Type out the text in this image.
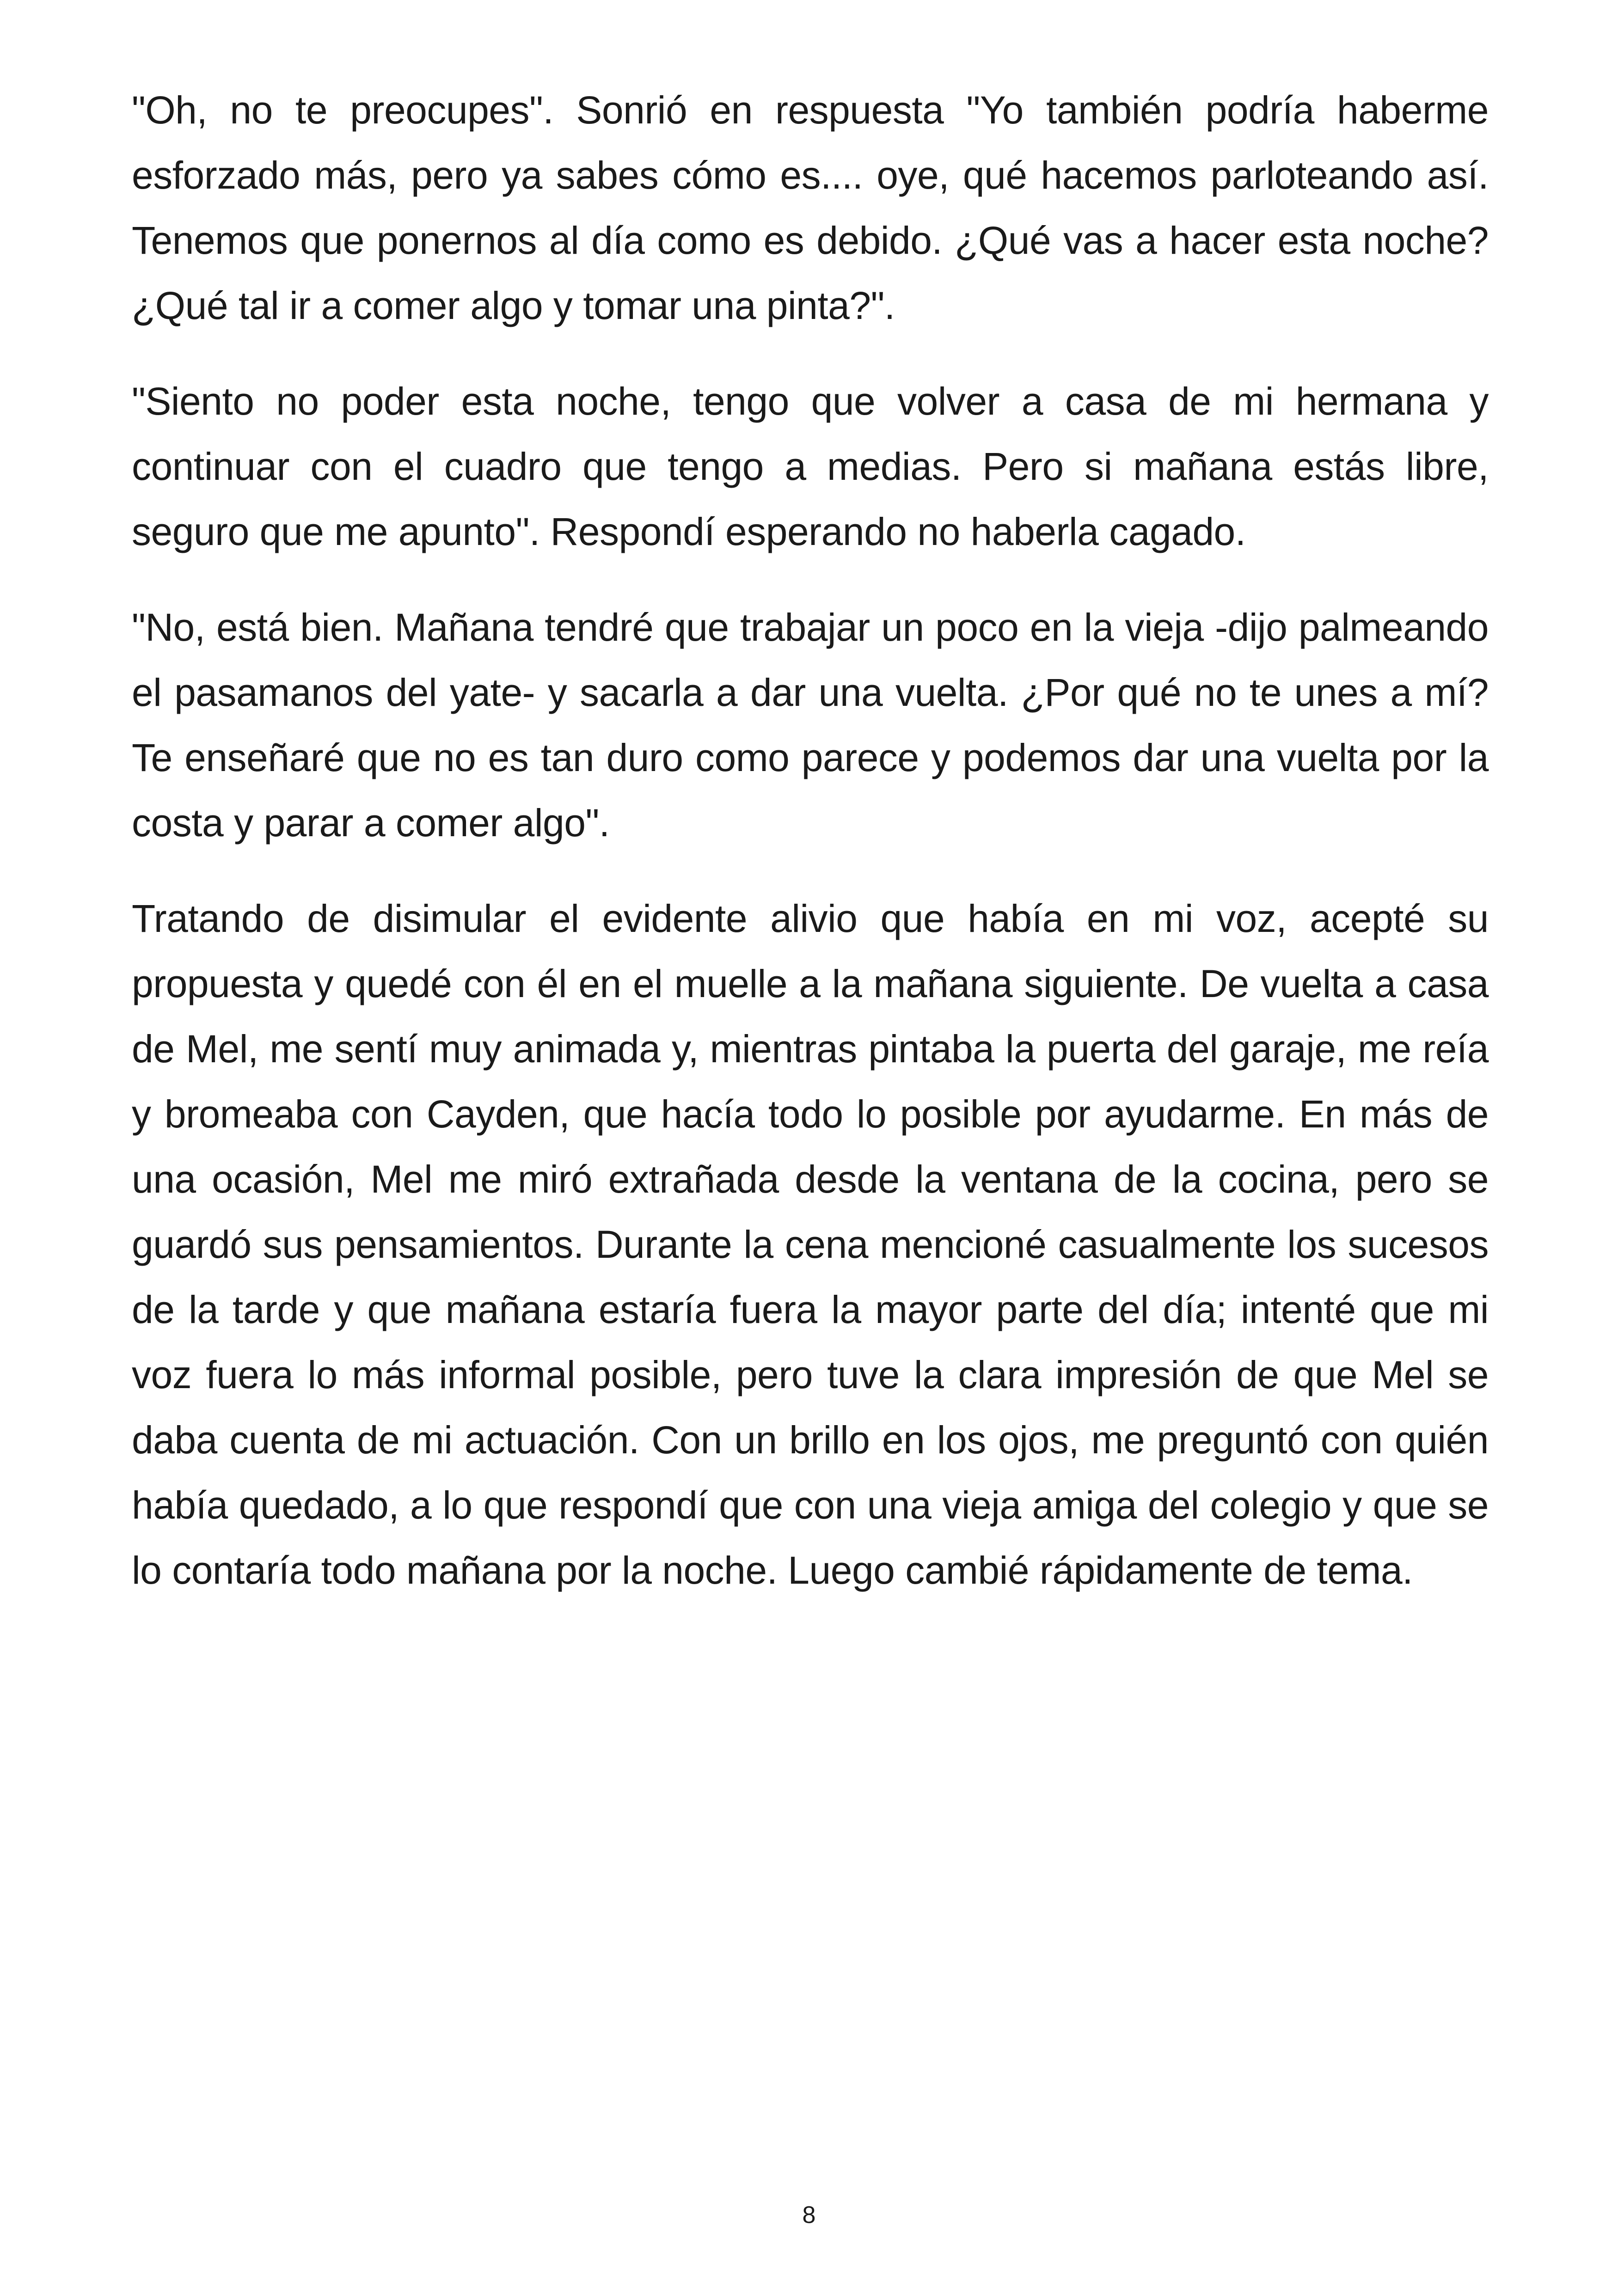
"Oh, no te preocupes". Sonrió en respuesta "Yo también podría haberme esforzado más, pero ya sabes cómo es.... oye, qué hacemos parloteando así. Tenemos que ponernos al día como es debido. ¿Qué vas a hacer esta noche? ¿Qué tal ir a comer algo y tomar una pinta?".

"Siento no poder esta noche, tengo que volver a casa de mi hermana y continuar con el cuadro que tengo a medias. Pero si mañana estás libre, seguro que me apunto". Respondí esperando no haberla cagado.

"No, está bien. Mañana tendré que trabajar un poco en la vieja -dijo palmeando el pasamanos del yate- y sacarla a dar una vuelta. ¿Por qué no te unes a mí? Te enseñaré que no es tan duro como parece y podemos dar una vuelta por la costa y parar a comer algo".

Tratando de disimular el evidente alivio que había en mi voz, acepté su propuesta y quedé con él en el muelle a la mañana siguiente. De vuelta a casa de Mel, me sentí muy animada y, mientras pintaba la puerta del garaje, me reía y bromeaba con Cayden, que hacía todo lo posible por ayudarme. En más de una ocasión, Mel me miró extrañada desde la ventana de la cocina, pero se guardó sus pensamientos. Durante la cena mencioné casualmente los sucesos de la tarde y que mañana estaría fuera la mayor parte del día; intenté que mi voz fuera lo más informal posible, pero tuve la clara impresión de que Mel se daba cuenta de mi actuación. Con un brillo en los ojos, me preguntó con quién había quedado, a lo que respondí que con una vieja amiga del colegio y que se lo contaría todo mañana por la noche. Luego cambié rápidamente de tema.

8
